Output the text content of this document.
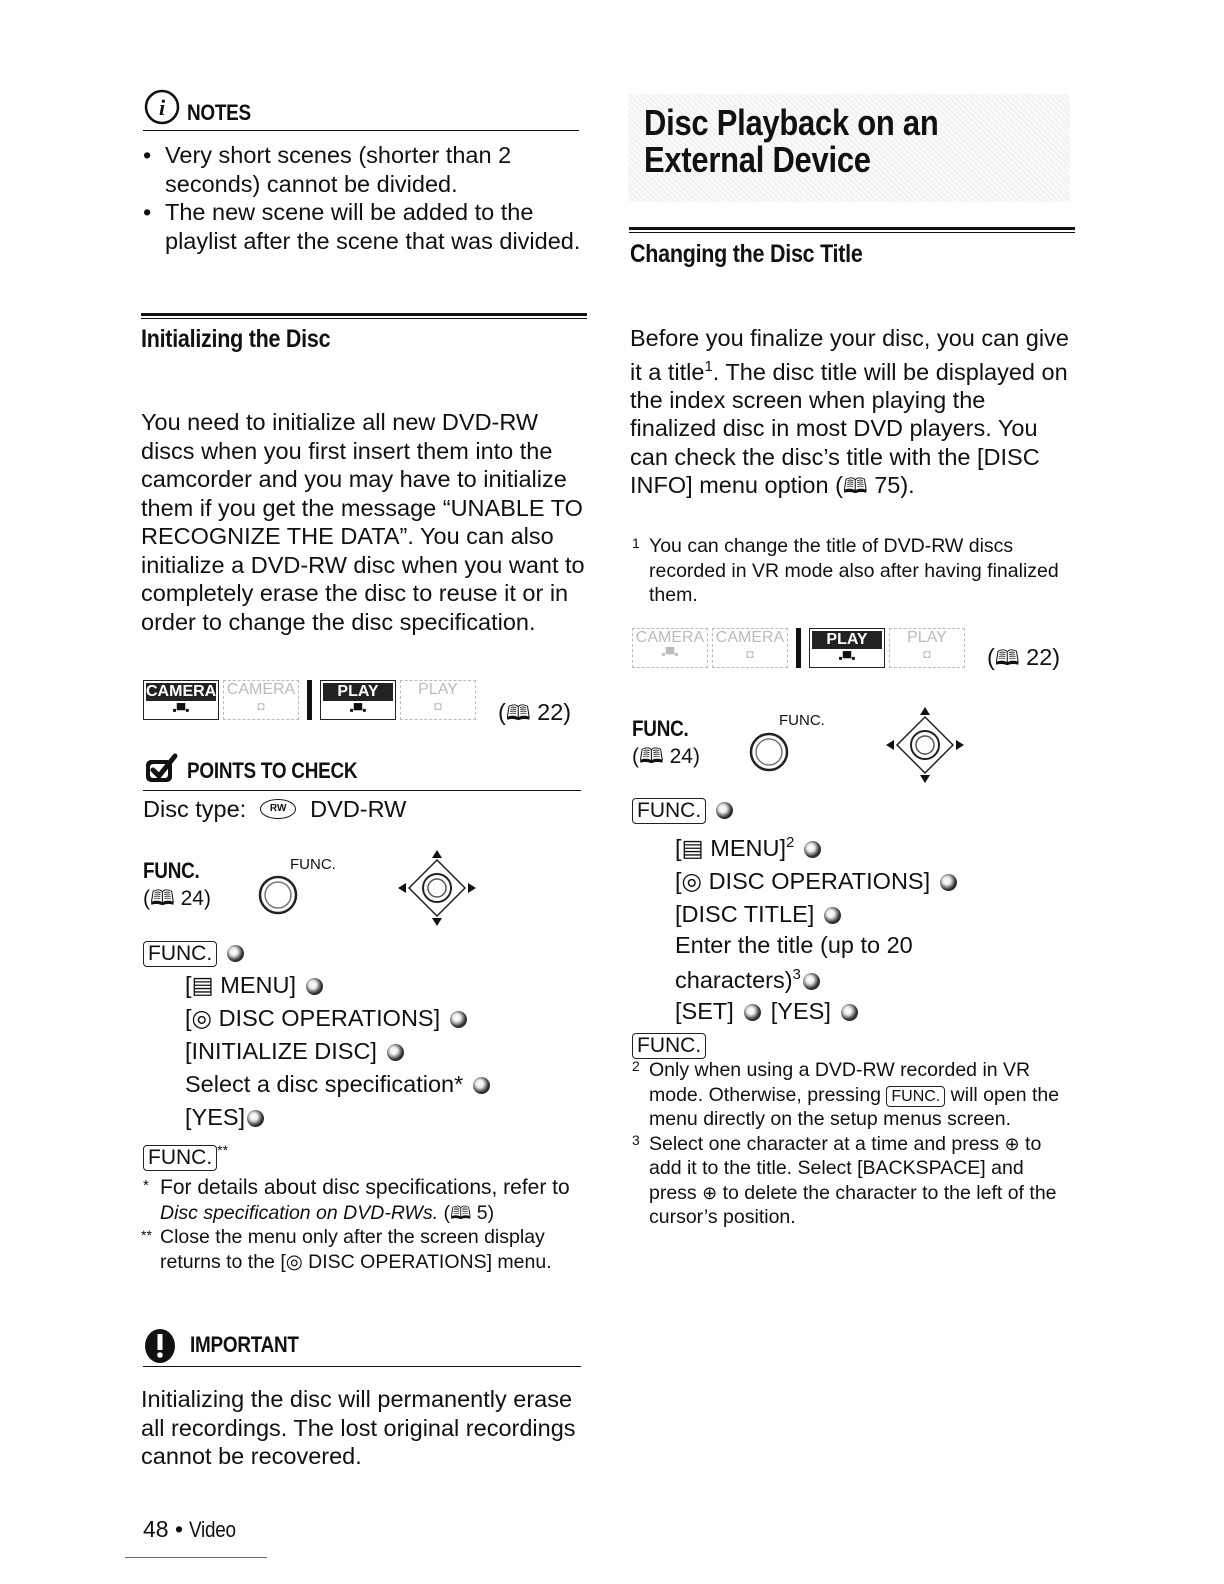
i NOTES
• Very short scenes (shorter than 2 seconds) cannot be divided.
• The new scene will be added to the playlist after the scene that was divided.
Initializing the Disc
You need to initialize all new DVD-RW discs when you first insert them into the camcorder and you may have to initialize them if you get the message “UNABLE TO RECOGNIZE THE DATA”. You can also initialize a DVD-RW disc when you want to completely erase the disc to reuse it or in order to change the disc specification.
CAMERA
▪▀▪
CAMERA
◘
PLAY
▪▀▪
PLAY
◘	(🕮 22)
POINTS TO CHECK
Disc type:	RW	DVD-RW
FUNC.
(🕮 24)
FUNC.
FUNC.
[▤ MENU]
[◎ DISC OPERATIONS]
[INITIALIZE DISC]
Select a disc specification*
[YES]
FUNC. **
* For details about disc specifications, refer to Disc specification on DVD-RWs. (🕮 5)
** Close the menu only after the screen display returns to the [◎ DISC OPERATIONS] menu.
IMPORTANT
Initializing the disc will permanently erase all recordings. The lost original recordings cannot be recovered.
48 • Video
Disc Playback on an
External Device
Changing the Disc Title
Before you finalize your disc, you can give it a title$^1$. The disc title will be displayed on the index screen when playing the finalized disc in most DVD players. You can check the disc’s title with the [DISC INFO] menu option (🕮 75).
1 You can change the title of DVD-RW discs recorded in VR mode also after having finalized them.
CAMERA
▪▀▪
CAMERA
◘
PLAY
▪▀▪
PLAY
◘	(🕮 22)
FUNC.
(🕮 24)
FUNC.
FUNC.
[▤ MENU]$^2$
[◎ DISC OPERATIONS]
[DISC TITLE]
Enter the title (up to 20
characters)$^3$
[SET] [YES]
FUNC.
2 Only when using a DVD-RW recorded in VR mode. Otherwise, pressing FUNC. will open the menu directly on the setup menus screen.
3 Select one character at a time and press ⊕ to add it to the title. Select [BACKSPACE] and press ⊕ to delete the character to the left of the cursor’s position.
